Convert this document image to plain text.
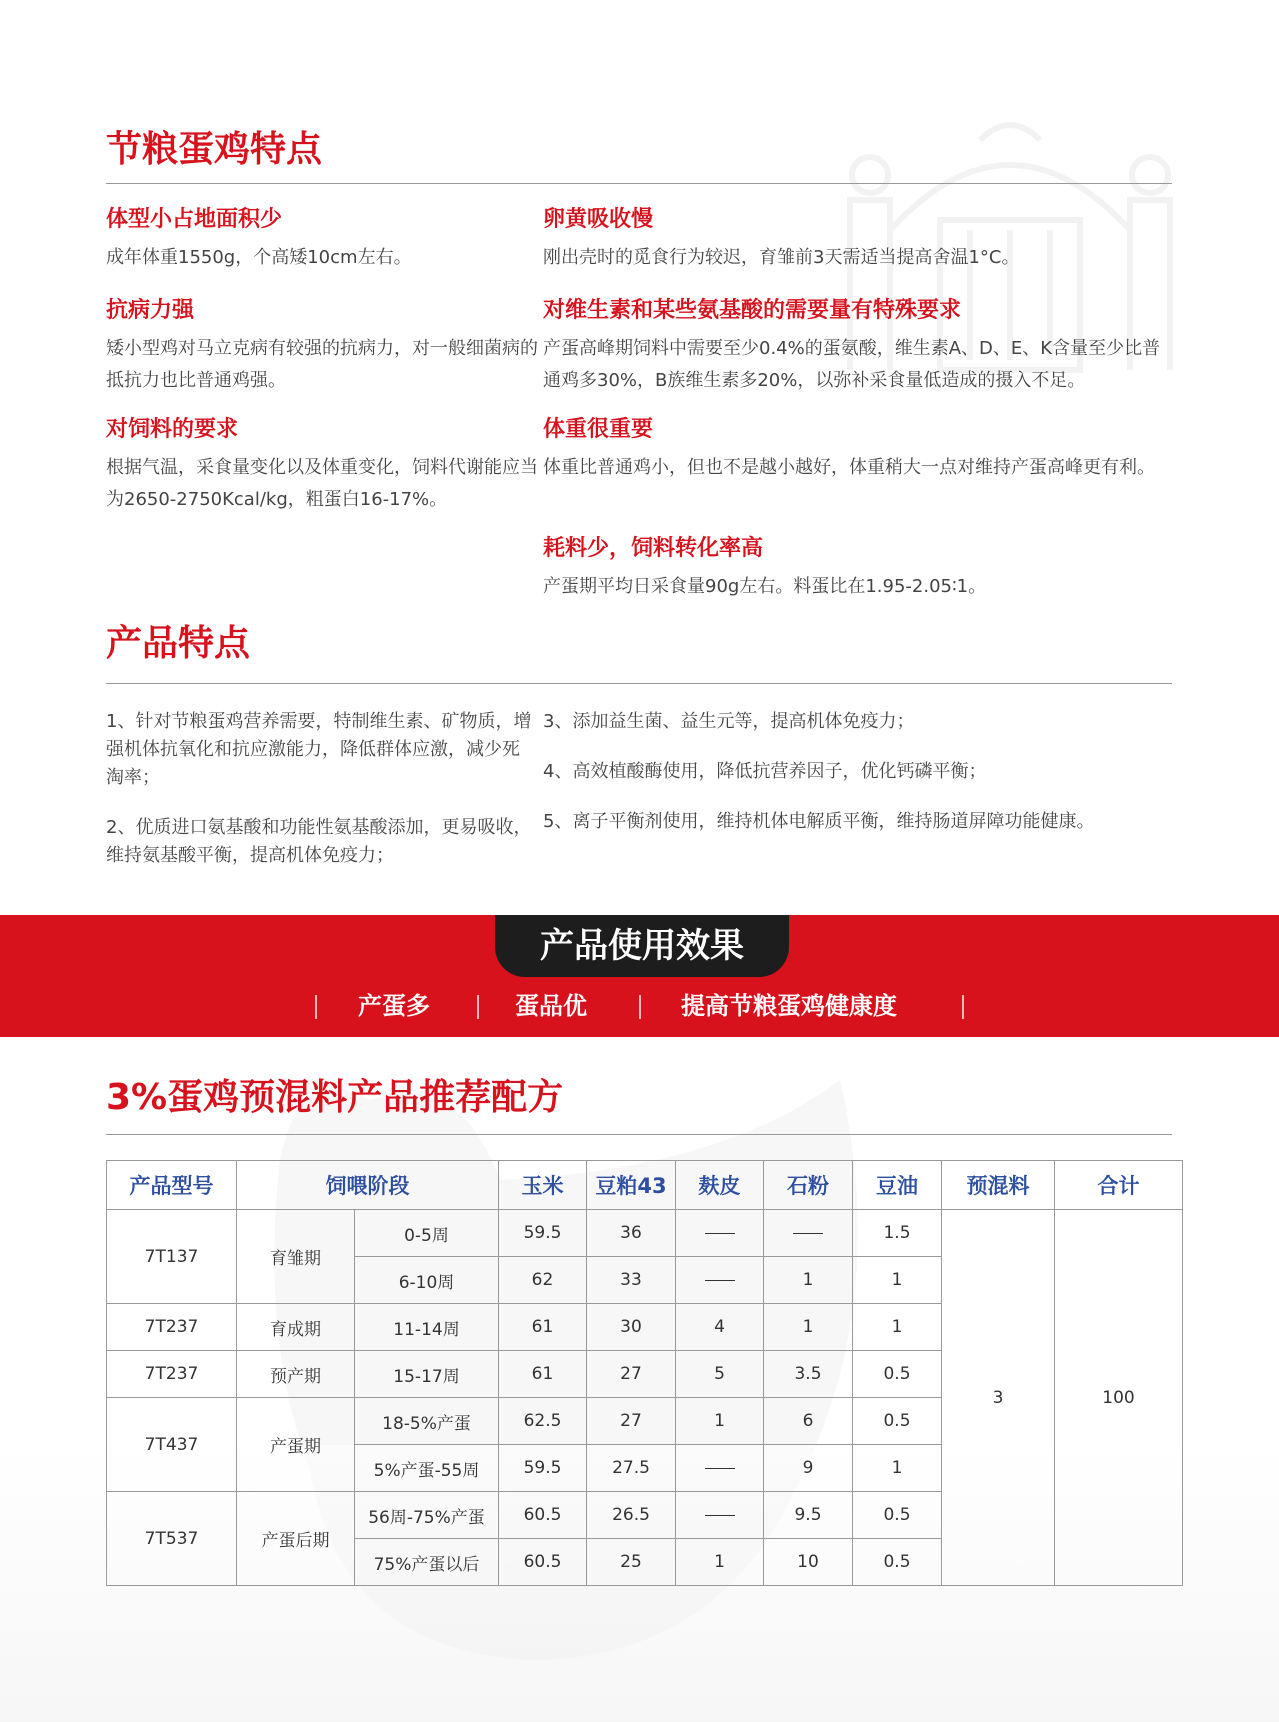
节粮蛋鸡特点
体型小占地面积少

成年体重1550g，个高矮10cm左右。

卵黄吸收慢

刚出壳时的觅食行为较迟，育雏前3天需适当提高舍温1°C。

抗病力强

矮小型鸡对马立克病有较强的抗病力，对一般细菌病的抵抗力也比普通鸡强。

对维生素和某些氨基酸的需要量有特殊要求

产蛋高峰期饲料中需要至少0.4%的蛋氨酸，维生素A、D、E、K含量至少比普通鸡多30%，B族维生素多20%，以弥补采食量低造成的摄入不足。

对饲料的要求

根据气温，采食量变化以及体重变化，饲料代谢能应当为2650-2750Kcal/kg，粗蛋白16-17%。

体重很重要

体重比普通鸡小，但也不是越小越好，体重稍大一点对维持产蛋高峰更有利。

耗料少，饲料转化率高

产蛋期平均日采食量90g左右。料蛋比在1.95-2.05∶1。

产品特点

1、针对节粮蛋鸡营养需要，特制维生素、矿物质，增强机体抗氧化和抗应激能力，降低群体应激，减少死淘率；

2、优质进口氨基酸和功能性氨基酸添加，更易吸收，维持氨基酸平衡，提高机体免疫力；

3、添加益生菌、益生元等，提高机体免疫力；

4、高效植酸酶使用，降低抗营养因子，优化钙磷平衡；

5、离子平衡剂使用，维持机体电解质平衡，维持肠道屏障功能健康。

产品使用效果
产蛋多	蛋品优	提高节粮蛋鸡健康度
3%蛋鸡预混料产品推荐配方
产品型号	饲喂阶段		玉米	豆粕43	麸皮	石粉	豆油	预混料	合计
7T137	育雏期	0-5周	59.5	36			1.5	3	100
		6-10周	62	33		1	1		
7T237	育成期	11-14周	61	30	4	1	1		
7T237	预产期	15-17周	61	27	5	3.5	0.5		
7T437	产蛋期	18-5%产蛋	62.5	27	1	6	0.5		
		5%产蛋-55周	59.5	27.5		9	1		
7T537	产蛋后期	56周-75%产蛋	60.5	26.5		9.5	0.5		
		75%产蛋以后	60.5	25	1	10	0.5		
